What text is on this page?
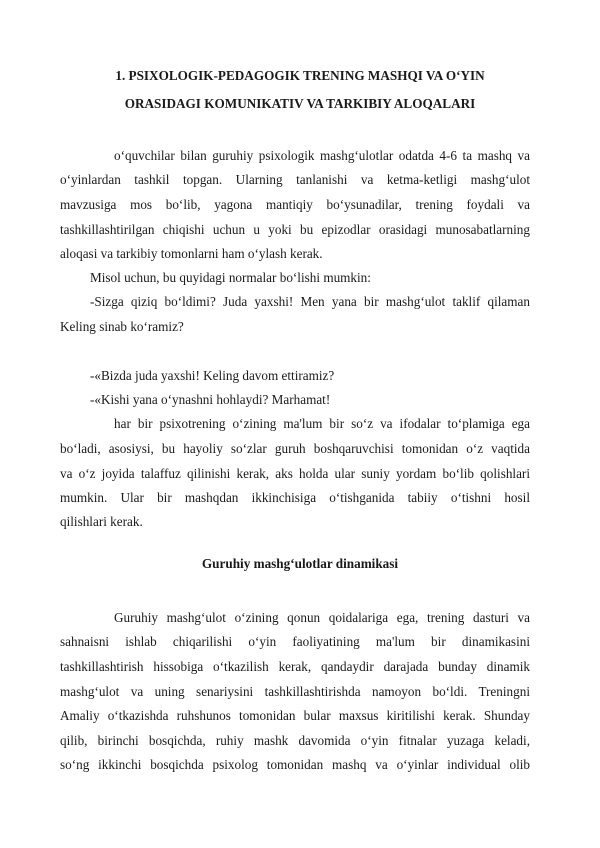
1. PSIXOLOGIK-PEDAGOGIK TRENING MASHQI VA O‘YIN
ORASIDAGI KOMUNIKATIV VA TARKIBIY ALOQALARI

o‘quvchilar bilan guruhiy psixologik mashg‘ulotlar odatda 4-6 ta mashq va

o‘yinlardan tashkil topgan. Ularning tanlanishi va ketma-ketligi mashg‘ulot

mavzusiga mos bo‘lib, yagona mantiqiy bo‘ysunadilar, trening foydali va

tashkillashtirilgan chiqishi uchun u yoki bu epizodlar orasidagi munosabatlarning

aloqasi va tarkibiy tomonlarni ham o‘ylash kerak.

Misol uchun, bu quyidagi normalar bo‘lishi mumkin:

-Sizga qiziq bo‘ldimi? Juda yaxshi! Men yana bir mashg‘ulot taklif qilaman

Keling sinab ko‘ramiz?

-«Bizda juda yaxshi! Keling davom ettiramiz?

-«Kishi yana o‘ynashni hohlaydi? Marhamat!

har bir psixotrening o‘zining ma'lum bir so‘z va ifodalar to‘plamiga ega

bo‘ladi, asosiysi, bu hayoliy so‘zlar guruh boshqaruvchisi tomonidan o‘z vaqtida

va o‘z joyida talaffuz qilinishi kerak, aks holda ular suniy yordam bo‘lib qolishlari

mumkin. Ular bir mashqdan ikkinchisiga o‘tishganida tabiiy o‘tishni hosil

qilishlari kerak.

Guruhiy mashg‘ulotlar dinamikasi

Guruhiy mashg‘ulot o‘zining qonun qoidalariga ega, trening dasturi va

sahnaisni ishlab chiqarilishi o‘yin faoliyatining ma'lum bir dinamikasini

tashkillashtirish hissobiga o‘tkazilish kerak, qandaydir darajada bunday dinamik

mashg‘ulot va uning senariysini tashkillashtirishda namoyon bo‘ldi. Treningni

Amaliy o‘tkazishda ruhshunos tomonidan bular maxsus kiritilishi kerak. Shunday

qilib, birinchi bosqichda, ruhiy mashk davomida o‘yin fitnalar yuzaga keladi,

so‘ng ikkinchi bosqichda psixolog tomonidan mashq va o‘yinlar individual olib
